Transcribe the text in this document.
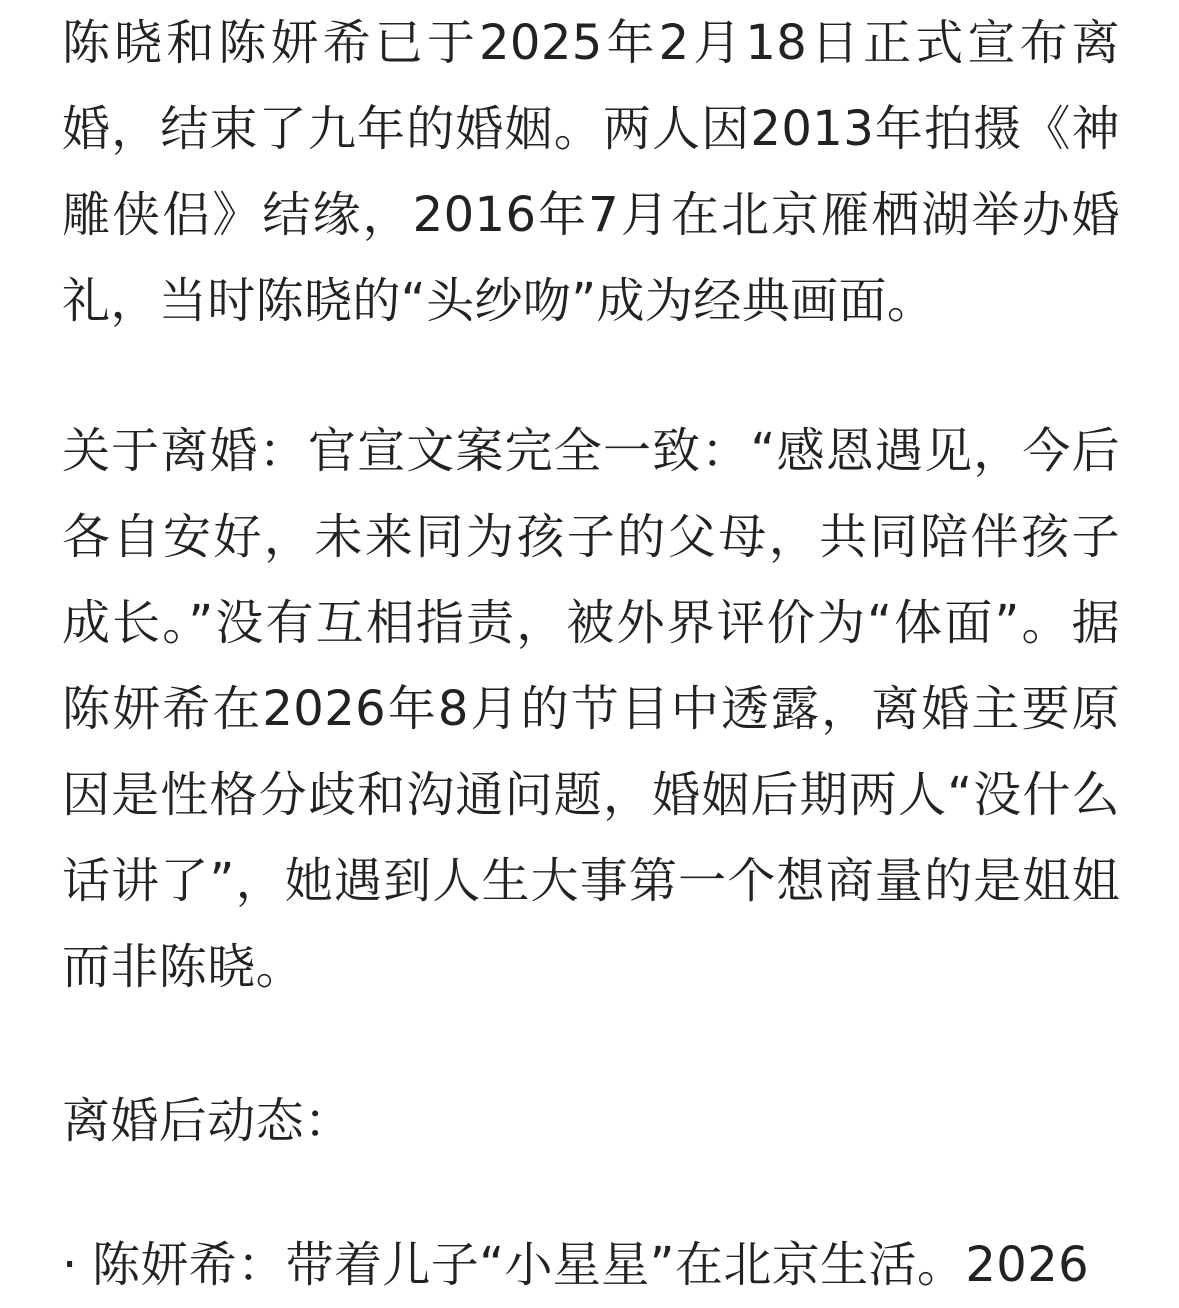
陈晓和陈妍希已于2025年2月18日正式宣布离婚，结束了九年的婚姻。两人因2013年拍摄《神雕侠侣》结缘，2016年7月在北京雁栖湖举办婚礼，当时陈晓的“头纱吻”成为经典画面。

关于离婚：官宣文案完全一致：“感恩遇见，今后各自安好，未来同为孩子的父母，共同陪伴孩子成长。”没有互相指责，被外界评价为“体面”。据陈妍希在2026年8月的节目中透露，离婚主要原因是性格分歧和沟通问题，婚姻后期两人“没什么话讲了”，她遇到人生大事第一个想商量的是姐姐而非陈晓。

离婚后动态：

· 陈妍希：带着儿子“小星星”在北京生活。2026
